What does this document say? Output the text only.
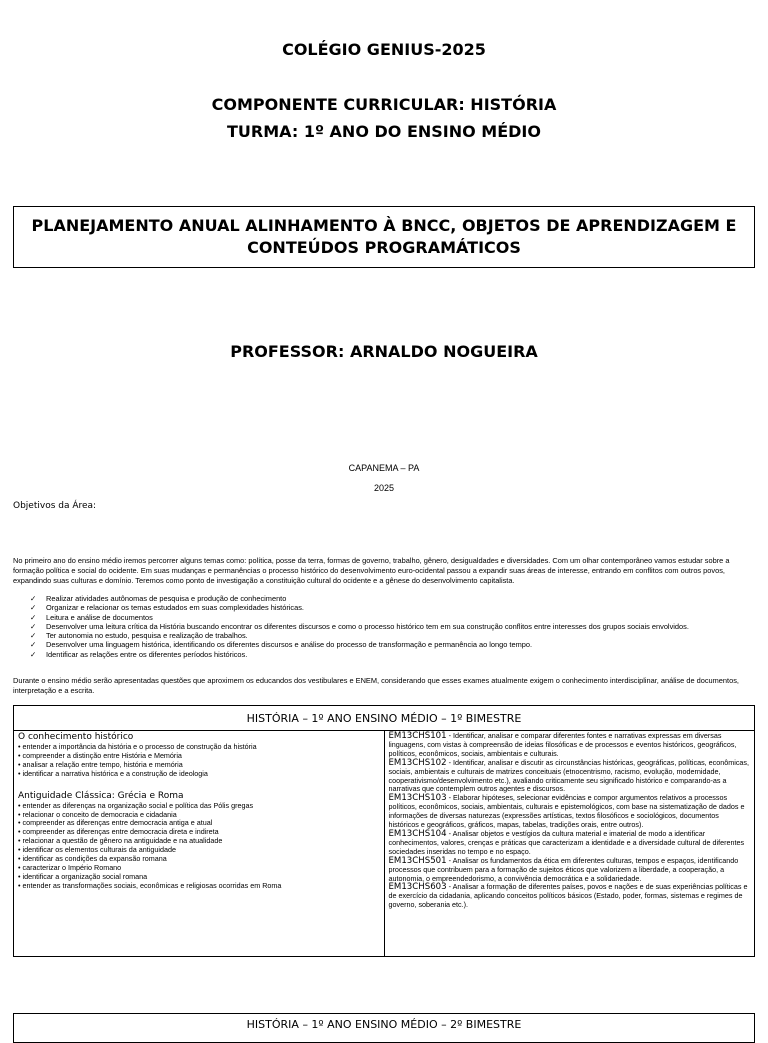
COLÉGIO GENIUS-2025
COMPONENTE CURRICULAR: HISTÓRIA
TURMA: 1º ANO DO ENSINO MÉDIO
PLANEJAMENTO ANUAL ALINHAMENTO À BNCC, OBJETOS DE APRENDIZAGEM E CONTEÚDOS PROGRAMÁTICOS
PROFESSOR: ARNALDO NOGUEIRA
CAPANEMA – PA
2025
Objetivos da Área:
No primeiro ano do ensino médio iremos percorrer alguns temas como: política, posse da terra, formas de governo, trabalho, gênero, desigualdades e diversidades. Com um olhar contemporâneo vamos estudar sobre a formação política e social do ocidente. Em suas mudanças e permanências o processo histórico do desenvolvimento euro-ocidental passou a expandir suas áreas de interesse, entrando em conflitos com outros povos, expandindo suas culturas e domínio. Teremos como ponto de investigação a constituição cultural do ocidente e a gênese do desenvolvimento capitalista.
✓ Realizar atividades autônomas de pesquisa e produção de conhecimento
✓ Organizar e relacionar os temas estudados em suas complexidades históricas.
✓ Leitura e análise de documentos
✓ Desenvolver uma leitura crítica da História buscando encontrar os diferentes discursos e como o processo histórico tem em sua construção conflitos entre interesses dos grupos sociais envolvidos.
✓ Ter autonomia no estudo, pesquisa e realização de trabalhos.
✓ Desenvolver uma linguagem histórica, identificando os diferentes discursos e análise do processo de transformação e permanência ao longo tempo.
✓ Identificar as relações entre os diferentes períodos históricos.
Durante o ensino médio serão apresentadas questões que aproximem os educandos dos vestibulares e ENEM, considerando que esses exames atualmente exigem o conhecimento interdisciplinar, análise de documentos, interpretação e a escrita.
HISTÓRIA – 1º ANO ENSINO MÉDIO – 1º BIMESTRE

O conhecimento histórico
• entender a importância da história e o processo de construção da história
• compreender a distinção entre História e Memória
• analisar a relação entre tempo, história e memória
• identificar a narrativa histórica e a construção de ideologia
Antiguidade Clássica: Grécia e Roma
• entender as diferenças na organização social e política das Pólis gregas
• relacionar o conceito de democracia e cidadania
• compreender as diferenças entre democracia antiga e atual
• compreender as diferenças entre democracia direta e indireta
• relacionar a questão de gênero na antiguidade e na atualidade
• identificar os elementos culturais da antiguidade
• identificar as condições da expansão romana
• caracterizar o Império Romano
• identificar a organização social romana
• entender as transformações sociais, econômicas e religiosas ocorridas em Roma

EM13CHS101 - Identificar, analisar e comparar diferentes fontes e narrativas expressas em diversas linguagens, com vistas à compreensão de ideias filosóficas e de processos e eventos históricos, geográficos, políticos, econômicos, sociais, ambientais e culturais.
EM13CHS102 - Identificar, analisar e discutir as circunstâncias históricas, geográficas, políticas, econômicas, sociais, ambientais e culturais de matrizes conceituais (etnocentrismo, racismo, evolução, modernidade, cooperativismo/desenvolvimento etc.), avaliando criticamente seu significado histórico e comparando-as a narrativas que contemplem outros agentes e discursos.
EM13CHS103 - Elaborar hipóteses, selecionar evidências e compor argumentos relativos a processos políticos, econômicos, sociais, ambientais, culturais e epistemológicos, com base na sistematização de dados e informações de diversas naturezas (expressões artísticas, textos filosóficos e sociológicos, documentos históricos e geográficos, gráficos, mapas, tabelas, tradições orais, entre outros).
EM13CHS104 - Analisar objetos e vestígios da cultura material e imaterial de modo a identificar conhecimentos, valores, crenças e práticas que caracterizam a identidade e a diversidade cultural de diferentes sociedades inseridas no tempo e no espaço.
EM13CHS501 - Analisar os fundamentos da ética em diferentes culturas, tempos e espaços, identificando processos que contribuem para a formação de sujeitos éticos que valorizem a liberdade, a cooperação, a autonomia, o empreendedorismo, a convivência democrática e a solidariedade.
EM13CHS603 - Analisar a formação de diferentes países, povos e nações e de suas experiências políticas e de exercício da cidadania, aplicando conceitos políticos básicos (Estado, poder, formas, sistemas e regimes de governo, soberania etc.).
HISTÓRIA – 1º ANO ENSINO MÉDIO – 2º BIMESTRE
